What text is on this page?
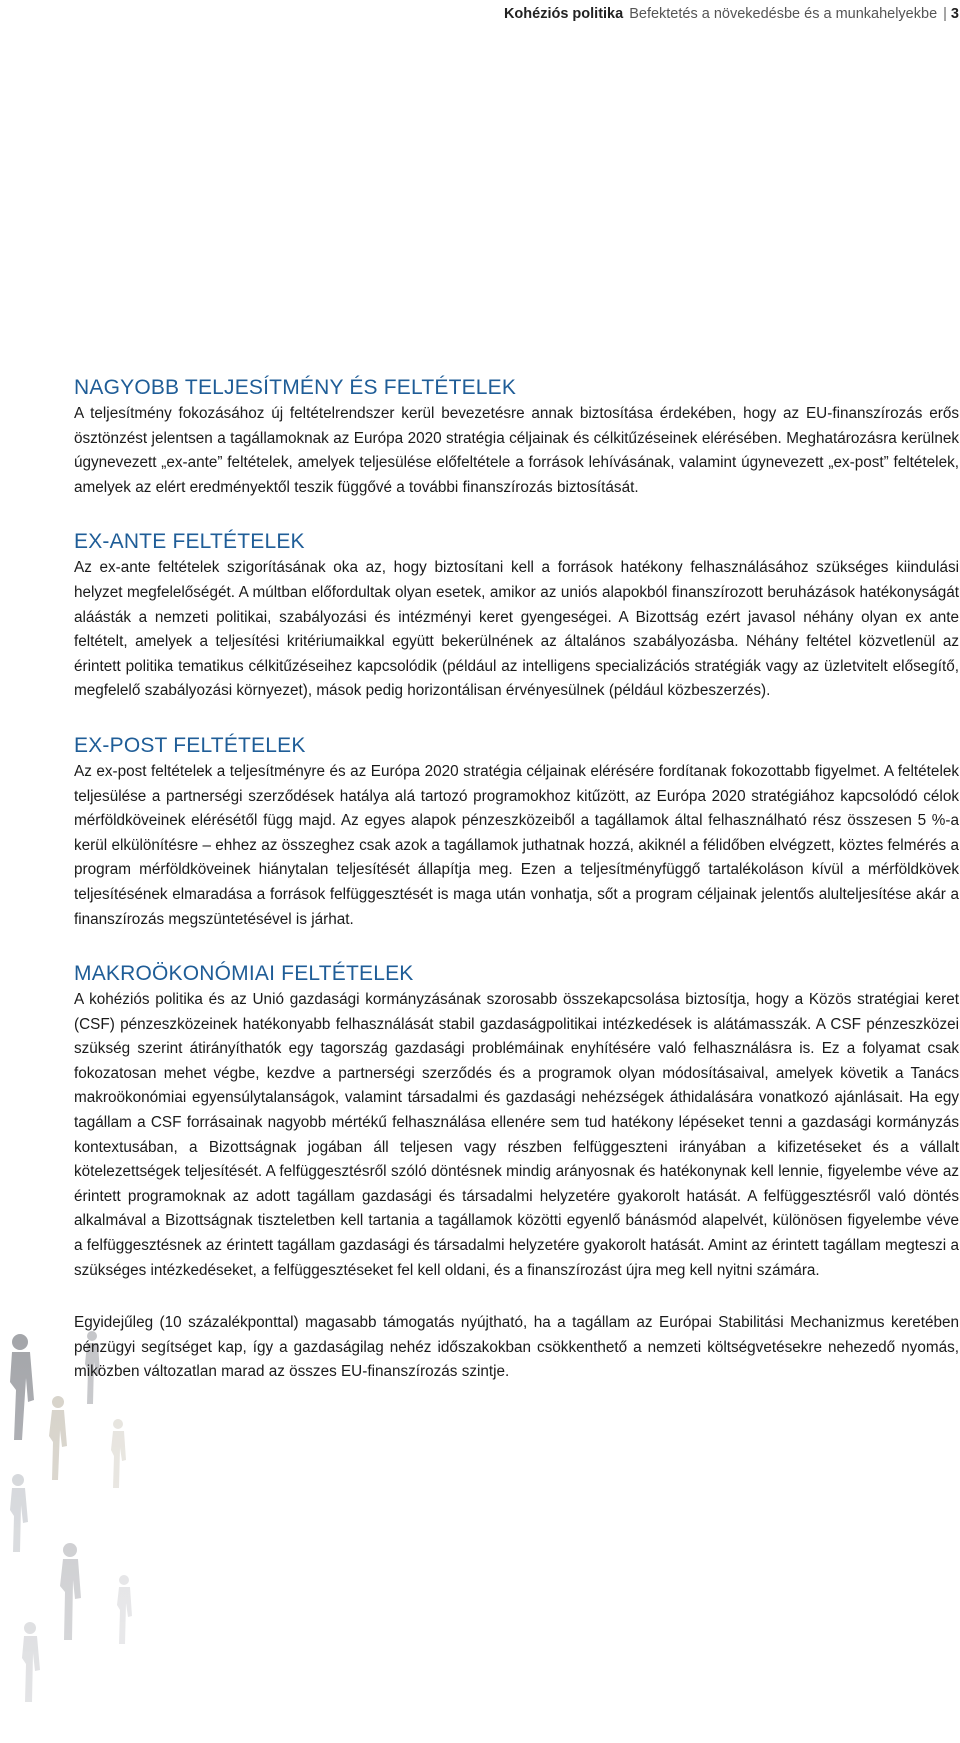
Kohéziós politika Befektetés a növekedésbe és a munkahelyekbe | 3
NAGYOBB TELJESÍTMÉNY ÉS FELTÉTELEK

A teljesítmény fokozásához új feltételrendszer kerül bevezetésre annak biztosítása érdekében, hogy az EU-finanszírozás erős ösztönzést jelentsen a tagállamoknak az Európa 2020 stratégia céljainak és célkitűzéseinek elérésében. Meghatározásra kerülnek úgynevezett „ex-ante” feltételek, amelyek teljesülése előfeltétele a források lehívásának, valamint úgynevezett „ex-post” feltételek, amelyek az elért eredményektől teszik függővé a további finanszírozás biztosítását.

EX-ANTE FELTÉTELEK

Az ex-ante feltételek szigorításának oka az, hogy biztosítani kell a források hatékony felhasználásához szükséges kiindulási helyzet megfelelőségét. A múltban előfordultak olyan esetek, amikor az uniós alapokból finanszírozott beruházások hatékonyságát aláásták a nemzeti politikai, szabályozási és intézményi keret gyengeségei. A Bizottság ezért javasol néhány olyan ex ante feltételt, amelyek a teljesítési kritériumaikkal együtt bekerülnének az általános szabályozásba. Néhány feltétel közvetlenül az érintett politika tematikus célkitűzéseihez kapcsolódik (például az intelligens specializációs stratégiák vagy az üzletvitelt elősegítő, megfelelő szabályozási környezet), mások pedig horizontálisan érvényesülnek (például közbeszerzés).

EX-POST FELTÉTELEK

Az ex-post feltételek a teljesítményre és az Európa 2020 stratégia céljainak elérésére fordítanak fokozottabb figyelmet. A feltételek teljesülése a partnerségi szerződések hatálya alá tartozó programokhoz kitűzött, az Európa 2020 stratégiához kapcsolódó célok mérföldköveinek elérésétől függ majd. Az egyes alapok pénzeszközeiből a tagállamok által felhasználható rész összesen 5 %-a kerül elkülönítésre – ehhez az összeghez csak azok a tagállamok juthatnak hozzá, akiknél a félidőben elvégzett, köztes felmérés a program mérföldköveinek hiánytalan teljesítését állapítja meg. Ezen a teljesítményfüggő tartalékoláson kívül a mérföldkövek teljesítésének elmaradása a források felfüggesztését is maga után vonhatja, sőt a program céljainak jelentős alulteljesítése akár a finanszírozás megszüntetésével is járhat.

MAKROÖKONÓMIAI FELTÉTELEK

A kohéziós politika és az Unió gazdasági kormányzásának szorosabb összekapcsolása biztosítja, hogy a Közös stratégiai keret (CSF) pénzeszközeinek hatékonyabb felhasználását stabil gazdaságpolitikai intézkedések is alátámasszák. A CSF pénzeszközei szükség szerint átirányíthatók egy tagország gazdasági problémáinak enyhítésére való felhasználásra is. Ez a folyamat csak fokozatosan mehet végbe, kezdve a partnerségi szerződés és a programok olyan módosításaival, amelyek követik a Tanács makroökonómiai egyensúlytalanságok, valamint társadalmi és gazdasági nehézségek áthidalására vonatkozó ajánlásait. Ha egy tagállam a CSF forrásainak nagyobb mértékű felhasználása ellenére sem tud hatékony lépéseket tenni a gazdasági kormányzás kontextusában, a Bizottságnak jogában áll teljesen vagy részben felfüggeszteni irányában a kifizetéseket és a vállalt kötelezettségek teljesítését. A felfüggesztésről szóló döntésnek mindig arányosnak és hatékonynak kell lennie, figyelembe véve az érintett programoknak az adott tagállam gazdasági és társadalmi helyzetére gyakorolt hatását. A felfüggesztésről való döntés alkalmával a Bizottságnak tiszteletben kell tartania a tagállamok közötti egyenlő bánásmód alapelvét, különösen figyelembe véve a felfüggesztésnek az érintett tagállam gazdasági és társadalmi helyzetére gyakorolt hatását. Amint az érintett tagállam megteszi a szükséges intézkedéseket, a felfüggesztéseket fel kell oldani, és a finanszírozást újra meg kell nyitni számára.

Egyidejűleg (10 százalékponttal) magasabb támogatás nyújtható, ha a tagállam az Európai Stabilitási Mechanizmus keretében pénzügyi segítséget kap, így a gazdaságilag nehéz időszakokban csökkenthető a nemzeti költségvetésekre nehezedő nyomás, miközben változatlan marad az összes EU-finanszírozás szintje.
